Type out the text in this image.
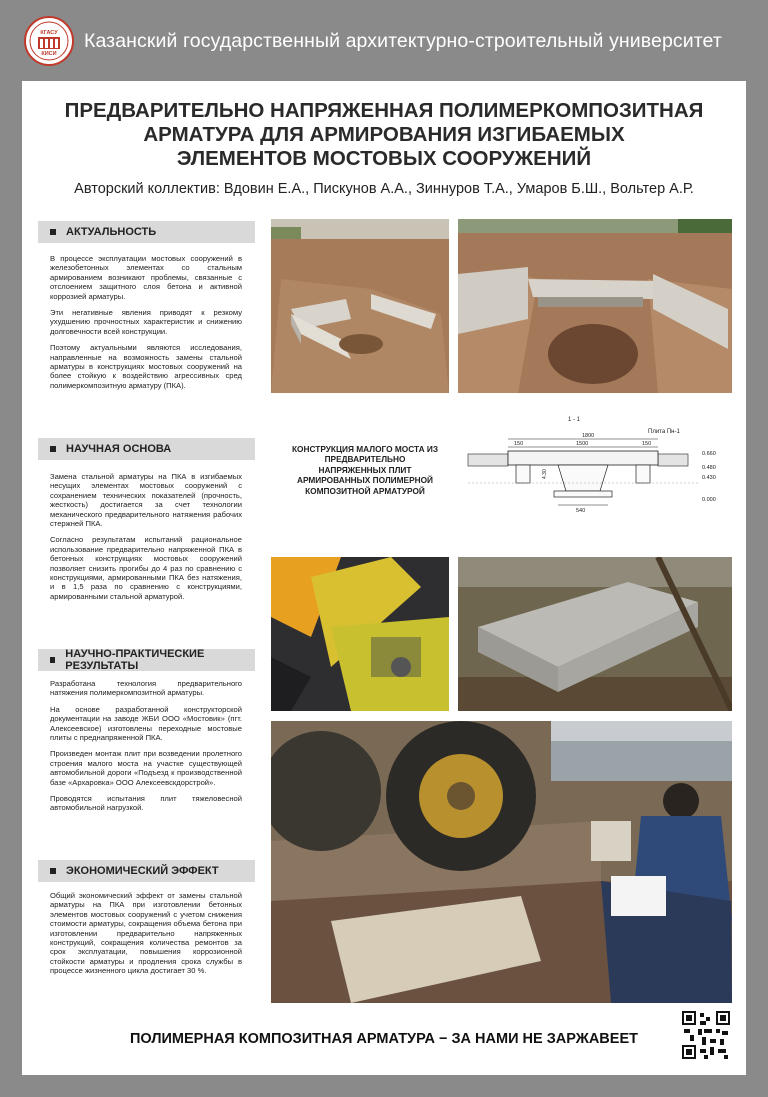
КГАСУ
КИСИ
Казанский государственный архитектурно-строительный университет
ПРЕДВАРИТЕЛЬНО НАПРЯЖЕННАЯ ПОЛИМЕРКОМПОЗИТНАЯ
АРМАТУРА ДЛЯ АРМИРОВАНИЯ ИЗГИБАЕМЫХ
ЭЛЕМЕНТОВ МОСТОВЫХ СООРУЖЕНИЙ
Авторский коллектив: Вдовин Е.А., Пискунов А.А., Зиннуров Т.А., Умаров Б.Ш., Вольтер А.Р.
АКТУАЛЬНОСТЬ

В процессе эксплуатации мостовых сооружений в железобетонных элементах со стальным армированием возникают проблемы, связанные с отслоением защитного слоя бетона и активной коррозией арматуры.

Эти негативные явления приводят к резкому ухудшению прочностных характеристик и снижению долговечности всей конструкции.

Поэтому актуальными являются исследования, направленные на возможность замены стальной арматуры в конструкциях мостовых сооружений на более стойкую к воздействию агрессивных сред полимеркомпозитную арматуру (ПКА).

НАУЧНАЯ ОСНОВА

Замена стальной арматуры на ПКА в изгибаемых несущих элементах мостовых сооружений с сохранением технических показателей (прочность, жесткость) достигается за счет технологии механического предварительного натяжения рабочих стержней ПКА.

Согласно результатам испытаний рациональное использование предварительно напряженной ПКА в бетонных конструкциях мостовых сооружений позволяет снизить прогибы до 4 раз по сравнению с конструкциями, армированными ПКА без натяжения, и в 1,5 раза по сравнению с конструкциями, армированными стальной арматурой.

НАУЧНО-ПРАКТИЧЕСКИЕ РЕЗУЛЬТАТЫ

Разработана технология предварительного натяжения полимеркомпозитной арматуры.

На основе разработанной конструкторской документации на заводе ЖБИ ООО «Мостовик» (пгт. Алексеевское) изготовлены переходные мостовые плиты с преднапряженной ПКА.

Произведен монтаж плит при возведении пролетного строения малого моста на участке существующей автомобильной дороги «Подъезд к производственной базе «Архаровка» ООО Алексеевскдорстрой».

Проводятся испытания плит тяжеловесной автомобильной нагрузкой.

ЭКОНОМИЧЕСКИЙ ЭФФЕКТ

Общий экономический эффект от замены стальной арматуры на ПКА при изготовлении бетонных элементов мостовых сооружений с учетом снижения стоимости арматуры, сокращения объема бетона при изготовлении предварительно напряженных конструкций, сокращения количества ремонтов за срок эксплуатации, повышения коррозионной стойкости арматуры и продления срока службы в процессе жизненного цикла достигает 30 %.

КОНСТРУКЦИЯ МАЛОГО МОСТА ИЗ ПРЕДВАРИТЕЛЬНО НАПРЯЖЕННЫХ ПЛИТ АРМИРОВАННЫХ ПОЛИМЕРНОЙ КОМПОЗИТНОЙ АРМАТУРОЙ
1 - 1
Плита Пн-1
1800
150	1500	150
4.30
540
0.660
0.480
0.430
0.000
ПОЛИМЕРНАЯ КОМПОЗИТНАЯ АРМАТУРА − ЗА НАМИ НЕ ЗАРЖАВЕЕТ
